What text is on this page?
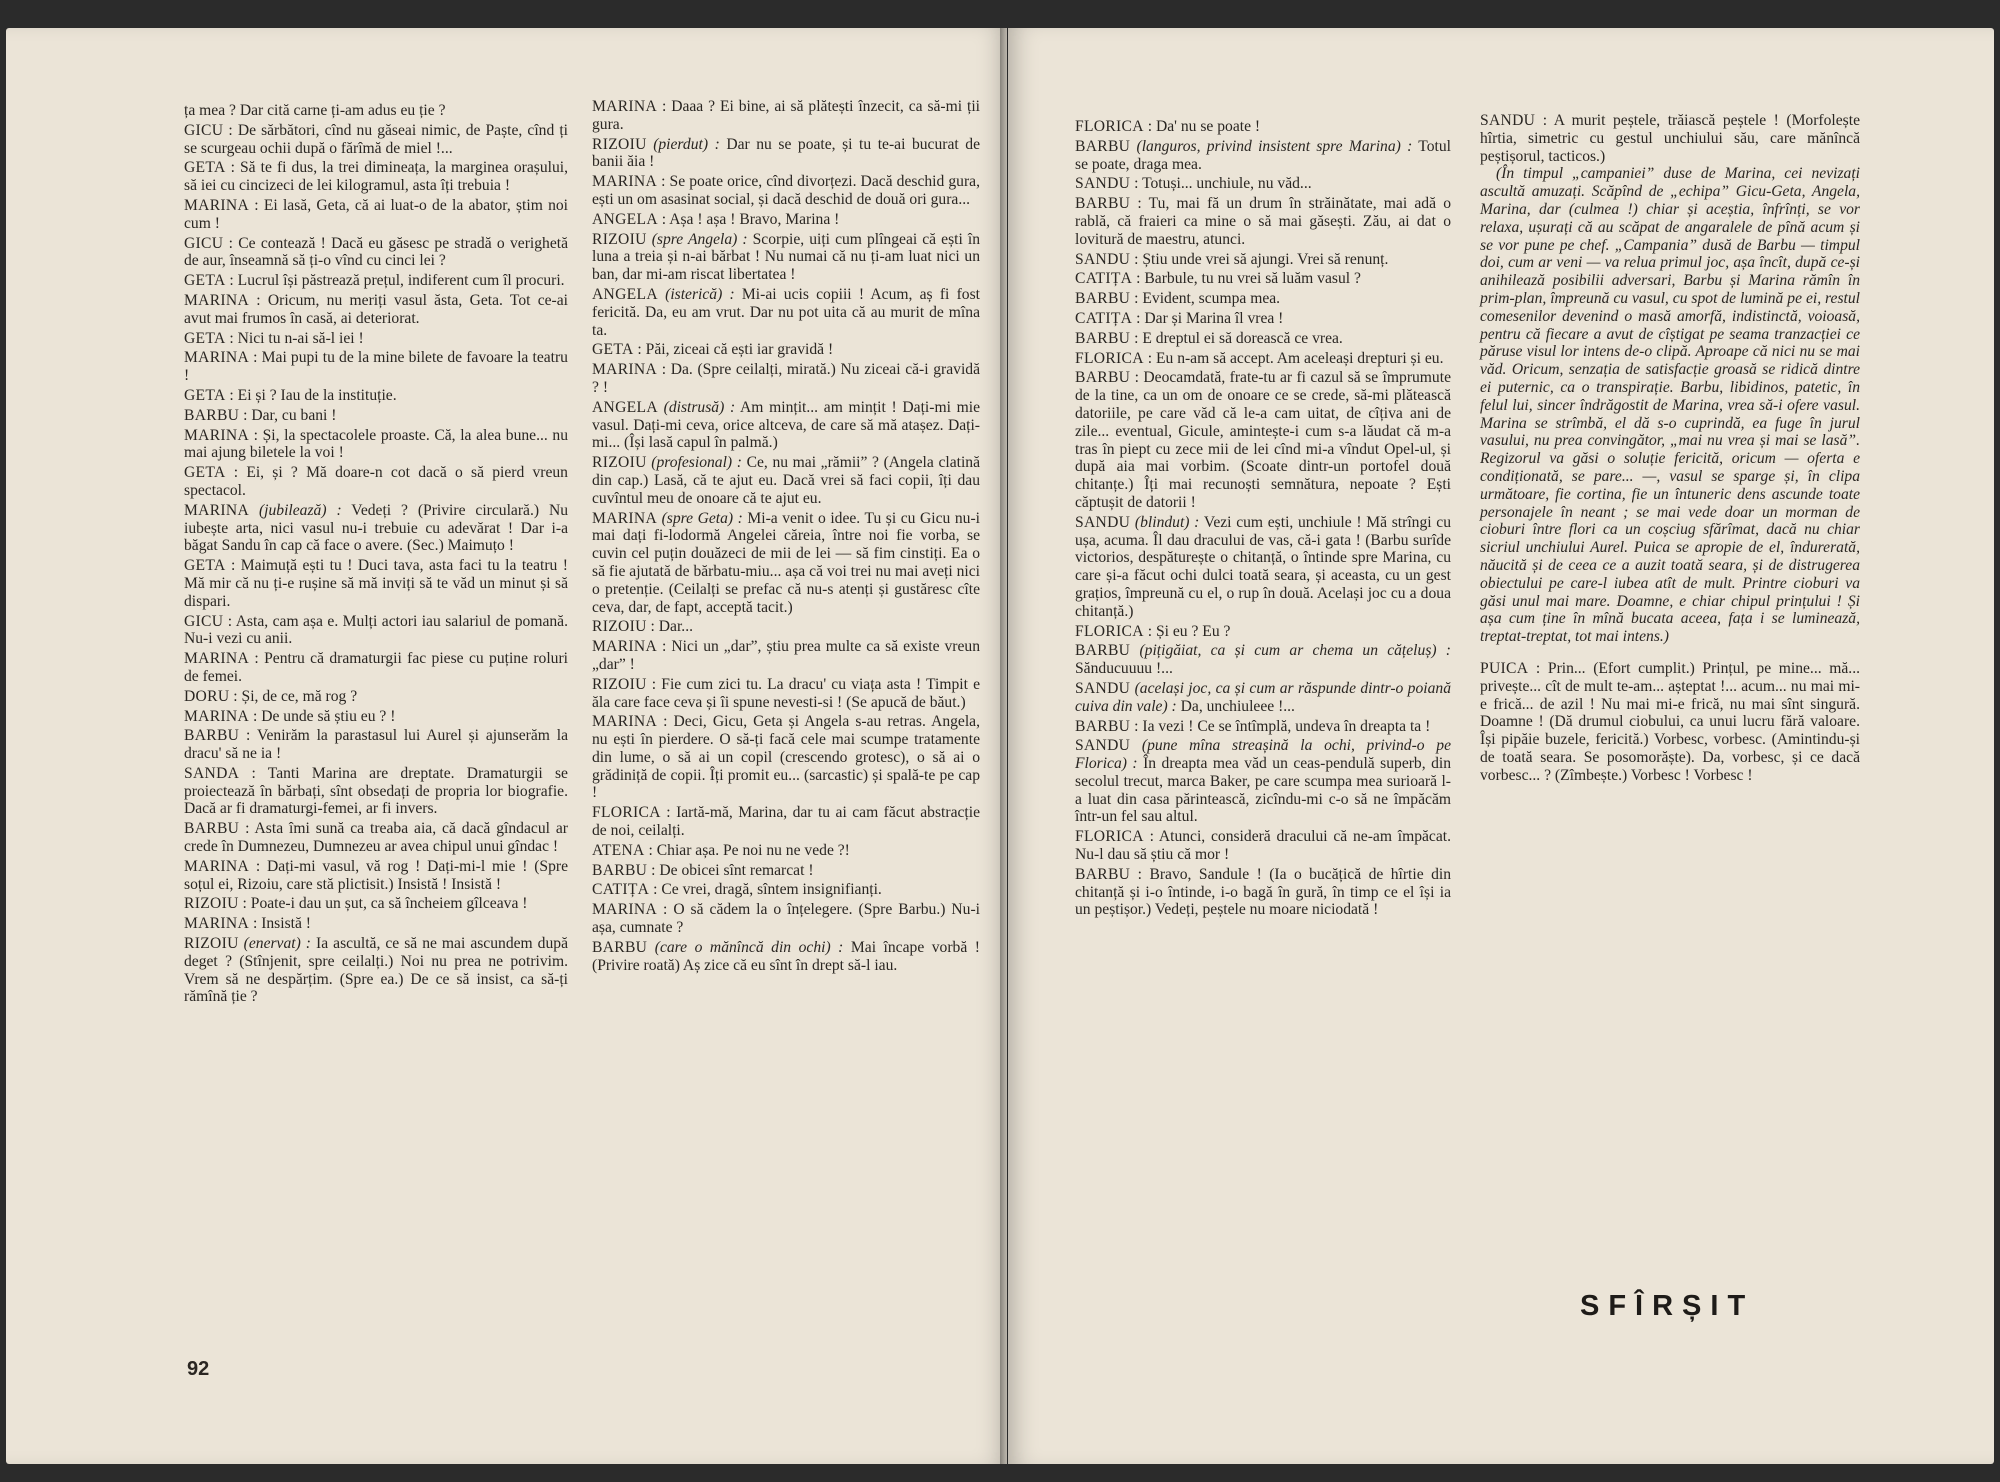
ța mea ? Dar cită carne ți-am adus eu ție ?

GICU : De sărbători, cînd nu găseai nimic, de Paște, cînd ți se scurgeau ochii după o fărîmă de miel !...

GETA : Să te fi dus, la trei dimineața, la marginea orașului, să iei cu cincizeci de lei kilogramul, asta îți trebuia !

MARINA : Ei lasă, Geta, că ai luat-o de la abator, știm noi cum !

GICU : Ce contează ! Dacă eu găsesc pe stradă o verighetă de aur, înseamnă să ți-o vînd cu cinci lei ?

GETA : Lucrul își păstrează prețul, indiferent cum îl procuri.

MARINA : Oricum, nu meriți vasul ăsta, Geta. Tot ce-ai avut mai frumos în casă, ai deteriorat.

GETA : Nici tu n-ai să-l iei !

MARINA : Mai pupi tu de la mine bilete de favoare la teatru !

GETA : Ei și ? Iau de la instituție.

BARBU : Dar, cu bani !

MARINA : Și, la spectacolele proaste. Că, la alea bune... nu mai ajung biletele la voi !

GETA : Ei, și ? Mă doare-n cot dacă o să pierd vreun spectacol.

MARINA (jubilează) : Vedeți ? (Privire circulară.) Nu iubește arta, nici vasul nu-i trebuie cu adevărat ! Dar i-a băgat Sandu în cap că face o avere. (Sec.) Maimuțo !

GETA : Maimuță ești tu ! Duci tava, asta faci tu la teatru ! Mă mir că nu ți-e rușine să mă inviți să te văd un minut și să dispari.

GICU : Asta, cam așa e. Mulți actori iau salariul de pomană. Nu-i vezi cu anii.

MARINA : Pentru că dramaturgii fac piese cu puține roluri de femei.

DORU : Și, de ce, mă rog ?

MARINA : De unde să știu eu ? !

BARBU : Venirăm la parastasul lui Aurel și ajunserăm la dracu' să ne ia !

SANDA : Tanti Marina are dreptate. Dramaturgii se proiectează în bărbați, sînt obsedați de propria lor biografie. Dacă ar fi dramaturgi-femei, ar fi invers.

BARBU : Asta îmi sună ca treaba aia, că dacă gîndacul ar crede în Dumnezeu, Dumnezeu ar avea chipul unui gîndac !

MARINA : Dați-mi vasul, vă rog ! Dați-mi-l mie ! (Spre soțul ei, Rizoiu, care stă plictisit.) Insistă ! Insistă !

RIZOIU : Poate-i dau un șut, ca să încheiem gîlceava !

MARINA : Insistă !

RIZOIU (enervat) : Ia ascultă, ce să ne mai ascundem după deget ? (Stînjenit, spre ceilalți.) Noi nu prea ne potrivim. Vrem să ne despărțim. (Spre ea.) De ce să insist, ca să-ți rămînă ție ?

MARINA : Daaa ? Ei bine, ai să plătești înzecit, ca să-mi ții gura.

RIZOIU (pierdut) : Dar nu se poate, și tu te-ai bucurat de banii ăia !

MARINA : Se poate orice, cînd divorțezi. Dacă deschid gura, ești un om asasinat social, și dacă deschid de două ori gura...

ANGELA : Așa ! așa ! Bravo, Marina !

RIZOIU (spre Angela) : Scorpie, uiți cum plîngeai că ești în luna a treia și n-ai bărbat ! Nu numai că nu ți-am luat nici un ban, dar mi-am riscat libertatea !

ANGELA (isterică) : Mi-ai ucis copiii ! Acum, aș fi fost fericită. Da, eu am vrut. Dar nu pot uita că au murit de mîna ta.

GETA : Păi, ziceai că ești iar gravidă !

MARINA : Da. (Spre ceilalți, mirată.) Nu ziceai că-i gravidă ? !

ANGELA (distrusă) : Am mințit... am mințit ! Dați-mi mie vasul. Dați-mi ceva, orice altceva, de care să mă atașez. Dați-mi... (Își lasă capul în palmă.)

RIZOIU (profesional) : Ce, nu mai „rămii” ? (Angela clatină din cap.) Lasă, că te ajut eu. Dacă vrei să faci copii, îți dau cuvîntul meu de onoare că te ajut eu.

MARINA (spre Geta) : Mi-a venit o idee. Tu și cu Gicu nu-i mai dați fi-lodormă Angelei căreia, între noi fie vorba, se cuvin cel puțin douăzeci de mii de lei — să fim cinstiți. Ea o să fie ajutată de bărbatu-miu... așa că voi trei nu mai aveți nici o pretenție. (Ceilalți se prefac că nu-s atenți și gustăresc cîte ceva, dar, de fapt, acceptă tacit.)

RIZOIU : Dar...

MARINA : Nici un „dar”, știu prea multe ca să existe vreun „dar” !

RIZOIU : Fie cum zici tu. La dracu' cu viața asta ! Timpit e ăla care face ceva și îi spune nevesti-si ! (Se apucă de băut.)

MARINA : Deci, Gicu, Geta și Angela s-au retras. Angela, nu ești în pierdere. O să-ți facă cele mai scumpe tratamente din lume, o să ai un copil (crescendo grotesc), o să ai o grădiniță de copii. Îți promit eu... (sarcastic) și spală-te pe cap !

FLORICA : Iartă-mă, Marina, dar tu ai cam făcut abstracție de noi, ceilalți.

ATENA : Chiar așa. Pe noi nu ne vede ?!

BARBU : De obicei sînt remarcat !

CATIȚA : Ce vrei, dragă, sîntem insignifianți.

MARINA : O să cădem la o înțelegere. (Spre Barbu.) Nu-i așa, cumnate ?

BARBU (care o mănîncă din ochi) : Mai încape vorbă ! (Privire roată) Aș zice că eu sînt în drept să-l iau.

92

FLORICA : Da' nu se poate !

BARBU (languros, privind insistent spre Marina) : Totul se poate, draga mea.

SANDU : Totuși... unchiule, nu văd...

BARBU : Tu, mai fă un drum în străinătate, mai adă o rablă, că fraieri ca mine o să mai găsești. Zău, ai dat o lovitură de maestru, atunci.

SANDU : Știu unde vrei să ajungi. Vrei să renunț.

CATIȚA : Barbule, tu nu vrei să luăm vasul ?

BARBU : Evident, scumpa mea.

CATIȚA : Dar și Marina îl vrea !

BARBU : E dreptul ei să dorească ce vrea.

FLORICA : Eu n-am să accept. Am aceleași drepturi și eu.

BARBU : Deocamdată, frate-tu ar fi cazul să se împrumute de la tine, ca un om de onoare ce se crede, să-mi plătească datoriile, pe care văd că le-a cam uitat, de cîțiva ani de zile... eventual, Gicule, amintește-i cum s-a lăudat că m-a tras în piept cu zece mii de lei cînd mi-a vîndut Opel-ul, și după aia mai vorbim. (Scoate dintr-un portofel două chitanțe.) Îți mai recunoști semnătura, nepoate ? Ești căptușit de datorii !

SANDU (blindut) : Vezi cum ești, unchiule ! Mă strîngi cu ușa, acuma. Îl dau dracului de vas, că-i gata ! (Barbu surîde victorios, despăturește o chitanță, o întinde spre Marina, cu care și-a făcut ochi dulci toată seara, și aceasta, cu un gest grațios, împreună cu el, o rup în două. Același joc cu a doua chitanță.)

FLORICA : Și eu ? Eu ?

BARBU (pițigăiat, ca și cum ar chema un cățeluș) : Sănducuuuu !...

SANDU (același joc, ca și cum ar răspunde dintr-o poiană cuiva din vale) : Da, unchiuleee !...

BARBU : Ia vezi ! Ce se întîmplă, undeva în dreapta ta !

SANDU (pune mîna streașină la ochi, privind-o pe Florica) : În dreapta mea văd un ceas-pendulă superb, din secolul trecut, marca Baker, pe care scumpa mea surioară l-a luat din casa părintească, zicîndu-mi c-o să ne împăcăm într-un fel sau altul.

FLORICA : Atunci, consideră dracului că ne-am împăcat. Nu-l dau să știu că mor !

BARBU : Bravo, Sandule ! (Ia o bucățică de hîrtie din chitanță și i-o întinde, i-o bagă în gură, în timp ce el își ia un peștișor.) Vedeți, peștele nu moare niciodată !

SANDU : A murit peștele, trăiască peștele ! (Morfolește hîrtia, simetric cu gestul unchiului său, care mănîncă peștișorul, tacticos.)

(În timpul „campaniei” duse de Marina, cei nevizați ascultă amuzați. Scăpînd de „echipa” Gicu-Geta, Angela, Marina, dar (culmea !) chiar și aceștia, înfrînți, se vor relaxa, ușurați că au scăpat de angaralele de pînă acum și se vor pune pe chef. „Campania” dusă de Barbu — timpul doi, cum ar veni — va relua primul joc, așa încît, după ce-și anihilează posibilii adversari, Barbu și Marina rămîn în prim-plan, împreună cu vasul, cu spot de lumină pe ei, restul comesenilor devenind o masă amorfă, indistinctă, voioasă, pentru că fiecare a avut de cîștigat pe seama tranzacției ce păruse visul lor intens de-o clipă. Aproape că nici nu se mai văd. Oricum, senzația de satisfacție groasă se ridică dintre ei puternic, ca o transpirație. Barbu, libidinos, patetic, în felul lui, sincer îndrăgostit de Marina, vrea să-i ofere vasul. Marina se strîmbă, el dă s-o cuprindă, ea fuge în jurul vasului, nu prea convingător, „mai nu vrea și mai se lasă”. Regizorul va găsi o soluție fericită, oricum — oferta e condiționată, se pare... —, vasul se sparge și, în clipa următoare, fie cortina, fie un întuneric dens ascunde toate personajele în neant ; se mai vede doar un morman de cioburi între flori ca un coșciug sfărîmat, dacă nu chiar sicriul unchiului Aurel. Puica se apropie de el, îndurerată, năucită și de ceea ce a auzit toată seara, și de distrugerea obiectului pe care-l iubea atît de mult. Printre cioburi va găsi unul mai mare. Doamne, e chiar chipul prințului ! Și așa cum ține în mînă bucata aceea, fața i se luminează, treptat-treptat, tot mai intens.)

PUICA : Prin... (Efort cumplit.) Prințul, pe mine... mă... privește... cît de mult te-am... așteptat !... acum... nu mai mi-e frică... de azil ! Nu mai mi-e frică, nu mai sînt singură. Doamne ! (Dă drumul ciobului, ca unui lucru fără valoare. Își pipăie buzele, fericită.) Vorbesc, vorbesc. (Amintindu-și de toată seara. Se posomorăște). Da, vorbesc, și ce dacă vorbesc... ? (Zîmbește.) Vorbesc ! Vorbesc !

SFÎRȘIT
